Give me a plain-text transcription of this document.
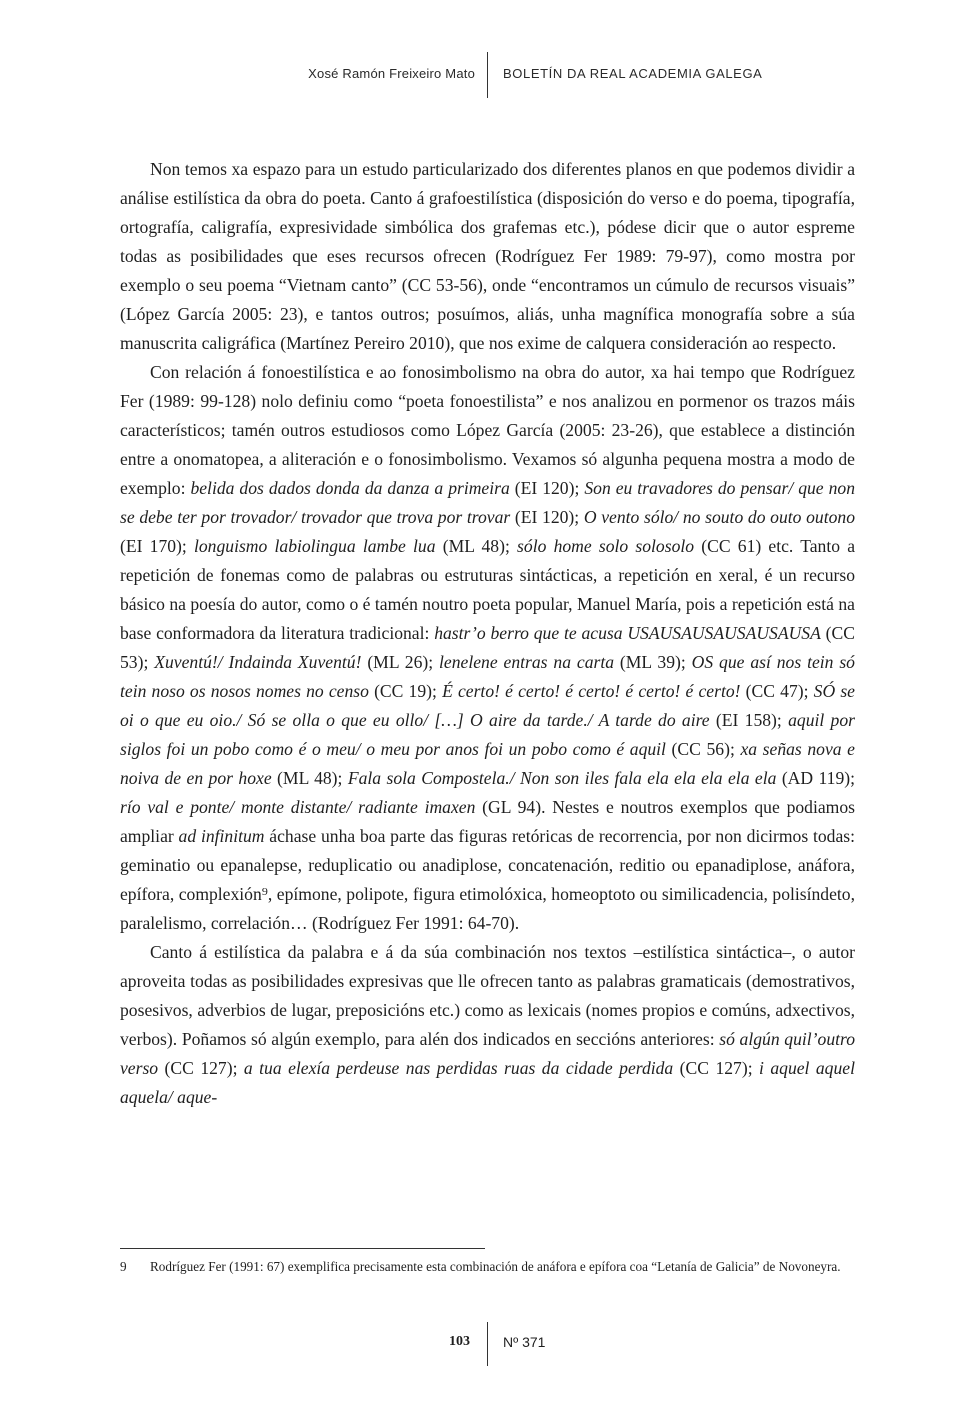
Xosé Ramón Freixeiro Mato BOLETÍN DA REAL ACADEMIA GALEGA

Non temos xa espazo para un estudo particularizado dos diferentes planos en que podemos dividir a análise estilística da obra do poeta. Canto á grafoestilística (disposición do verso e do poema, tipografía, ortografía, caligrafía, expresividade simbólica dos grafemas etc.), pódese dicir que o autor espreme todas as posibilidades que eses recursos ofrecen (Rodríguez Fer 1989: 79-97), como mostra por exemplo o seu poema “Vietnam canto” (CC 53-56), onde “encontramos un cúmulo de recursos visuais” (López García 2005: 23), e tantos outros; posuímos, aliás, unha magnífica monografía sobre a súa manuscrita caligráfica (Martínez Pereiro 2010), que nos exime de calquera consideración ao respecto.

Con relación á fonoestilística e ao fonosimbolismo na obra do autor, xa hai tempo que Rodríguez Fer (1989: 99-128) nolo definiu como “poeta fonoestilista” e nos analizou en pormenor os trazos máis característicos; tamén outros estudiosos como López García (2005: 23-26), que establece a distinción entre a onomatopea, a aliteración e o fonosimbolismo. Vexamos só algunha pequena mostra a modo de exemplo: belida dos dados donda da danza a primeira (EI 120); Son eu travadores do pensar/ que non se debe ter por trovador/ trovador que trova por trovar (EI 120); O vento sólo/ no souto do outo outono (EI 170); longuismo labiolingua lambe lua (ML 48); sólo home solo solosolo (CC 61) etc. Tanto a repetición de fonemas como de palabras ou estruturas sintácticas, a repetición en xeral, é un recurso básico na poesía do autor, como o é tamén noutro poeta popular, Manuel María, pois a repetición está na base conformadora da literatura tradicional: hastr’o berro que te acusa USAUSAUSAUSAUSAUSA (CC 53); Xuventú!/ Indainda Xuventú! (ML 26); lenelene entras na carta (ML 39); OS que así nos tein só tein noso os nosos nomes no censo (CC 19); É certo! é certo! é certo! é certo! é certo! (CC 47); SÓ se oi o que eu oio./ Só se olla o que eu ollo/ […] O aire da tarde./ A tarde do aire (EI 158); aquil por siglos foi un pobo como é o meu/ o meu por anos foi un pobo como é aquil (CC 56); xa señas nova e noiva de en por hoxe (ML 48); Fala sola Compostela./ Non son iles fala ela ela ela ela ela (AD 119); río val e ponte/ monte distante/ radiante imaxen (GL 94). Nestes e noutros exemplos que podiamos ampliar ad infinitum áchase unha boa parte das figuras retóricas de recorrencia, por non dicirmos todas: geminatio ou epanalepse, reduplicatio ou anadiplose, concatenación, reditio ou epanadiplose, anáfora, epífora, complexión⁹, epímone, polipote, figura etimolóxica, homeoptoto ou similicadencia, polisíndeto, paralelismo, correlación… (Rodríguez Fer 1991: 64-70).

Canto á estilística da palabra e á da súa combinación nos textos –estilística sintáctica–, o autor aproveita todas as posibilidades expresivas que lle ofrecen tanto as palabras gramaticais (demostrativos, posesivos, adverbios de lugar, preposicións etc.) como as lexicais (nomes propios e comúns, adxectivos, verbos). Poñamos só algún exemplo, para alén dos indicados en seccións anteriores: só algún quil’outro verso (CC 127); a tua elexía perdeuse nas perdidas ruas da cidade perdida (CC 127); i aquel aquel aquela/ aque-

9 Rodríguez Fer (1991: 67) exemplifica precisamente esta combinación de anáfora e epífora coa “Letanía de Galicia” de Novoneyra.
103 Nº 371
